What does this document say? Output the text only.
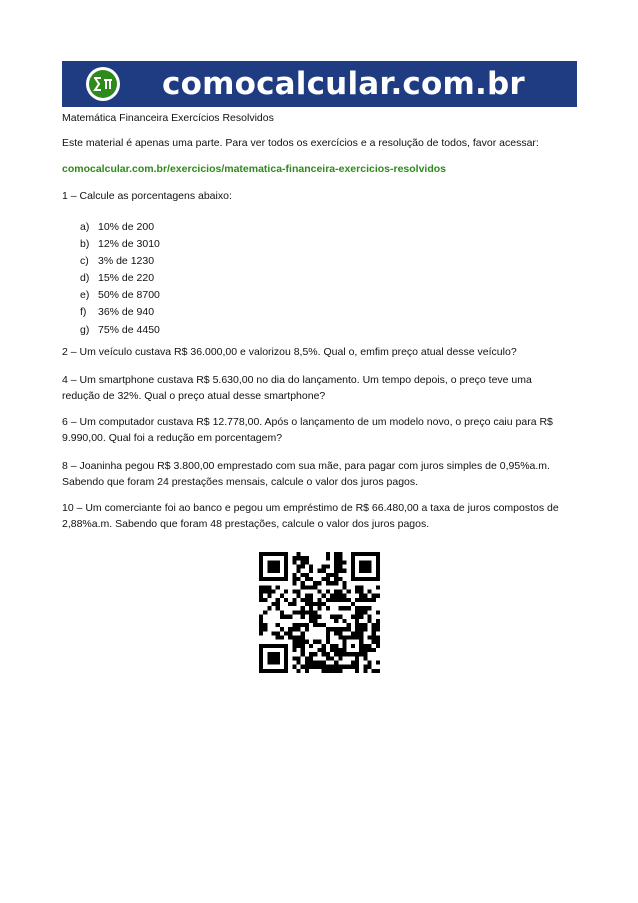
comocalcular.com.br
Matemática Financeira Exercícios Resolvidos
Este material é apenas uma parte. Para ver todos os exercícios e a resolução de todos, favor acessar:
comocalcular.com.br/exercicios/matematica-financeira-exercicios-resolvidos
1 – Calcule as porcentagens abaixo:
a) 10% de 200
b) 12% de 3010
c) 3% de 1230
d) 15% de 220
e) 50% de 8700
f) 36% de 940
g) 75% de 4450
2 – Um veículo custava R$ 36.000,00 e valorizou 8,5%. Qual o, emfim preço atual desse veículo?
4 – Um smartphone custava R$ 5.630,00 no dia do lançamento. Um tempo depois, o preço teve uma
redução de 32%. Qual o preço atual desse smartphone?
6 – Um computador custava R$ 12.778,00. Após o lançamento de um modelo novo, o preço caiu para R$
9.990,00. Qual foi a redução em porcentagem?
8 – Joaninha pegou R$ 3.800,00 emprestado com sua mãe, para pagar com juros simples de 0,95%a.m.
Sabendo que foram 24 prestações mensais, calcule o valor dos juros pagos.
10 – Um comerciante foi ao banco e pegou um empréstimo de R$ 66.480,00 a taxa de juros compostos de
2,88%a.m. Sabendo que foram 48 prestações, calcule o valor dos juros pagos.
